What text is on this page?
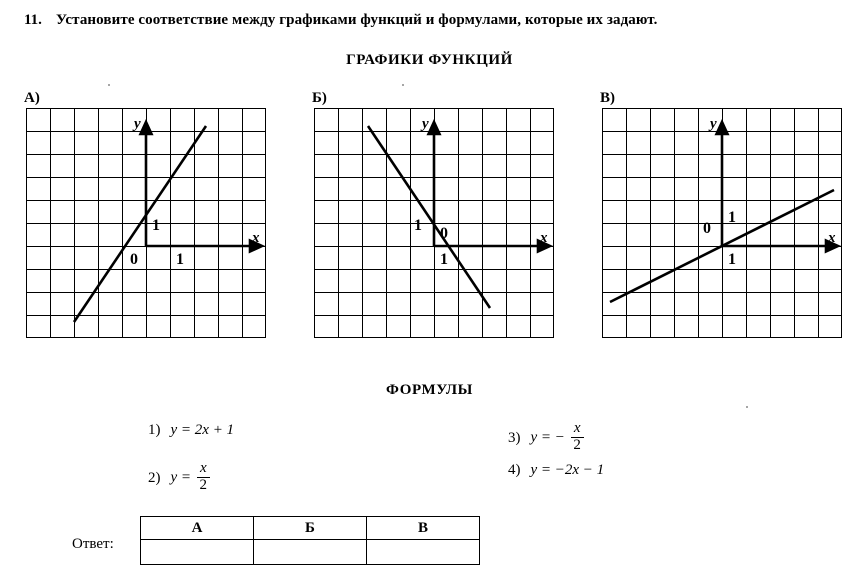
11. Установите соответствие между графиками функций и формулами, которые их задают.
ГРАФИКИ ФУНКЦИЙ
А)
y
x
1
0 1
Б)
y
x
1 0
1
В)
y
x
1
0
1
ФОРМУЛЫ
1) y = 2x + 1
2) $y = \frac{x}{2}$
3) y = − $\frac{x}{2}$
4) y = −2x − 1
Ответ:
А	Б	В
